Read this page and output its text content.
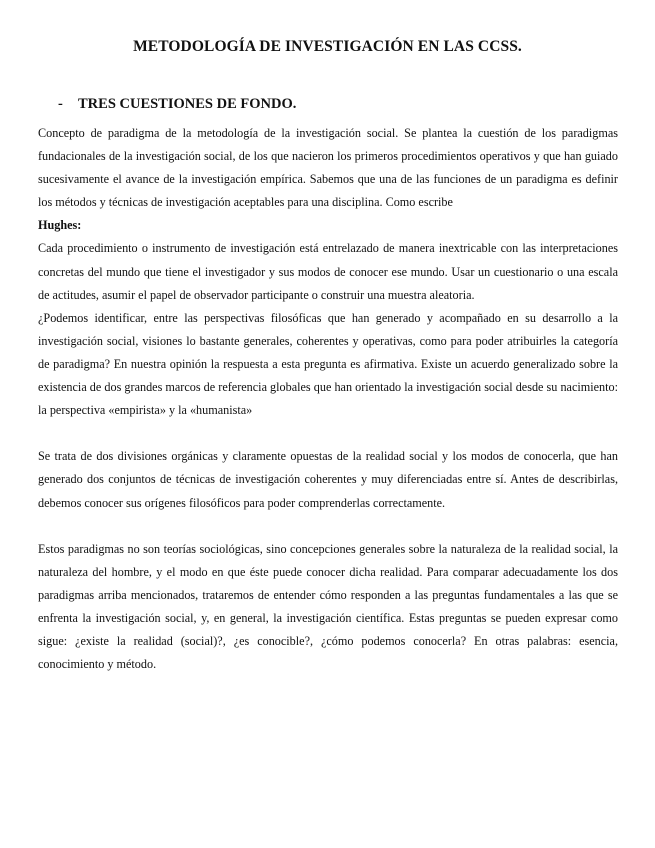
METODOLOGÍA DE INVESTIGACIÓN EN LAS CCSS.
- TRES CUESTIONES DE FONDO.

Concepto de paradigma de la metodología de la investigación social. Se plantea la cuestión de los paradigmas fundacionales de la investigación social, de los que nacieron los primeros procedimientos operativos y que han guiado sucesivamente el avance de la investigación empírica. Sabemos que una de las funciones de un paradigma es definir los métodos y técnicas de investigación aceptables para una disciplina. Como escribe

Hughes:

Cada procedimiento o instrumento de investigación está entrelazado de manera inextricable con las interpretaciones concretas del mundo que tiene el investigador y sus modos de conocer ese mundo. Usar un cuestionario o una escala de actitudes, asumir el papel de observador participante o construir una muestra aleatoria.

¿Podemos identificar, entre las perspectivas filosóficas que han generado y acompañado en su desarrollo a la investigación social, visiones lo bastante generales, coherentes y operativas, como para poder atribuirles la categoría de paradigma? En nuestra opinión la respuesta a esta pregunta es afirmativa. Existe un acuerdo generalizado sobre la existencia de dos grandes marcos de referencia globales que han orientado la investigación social desde su nacimiento: la perspectiva «empirista» y la «humanista»

Se trata de dos divisiones orgánicas y claramente opuestas de la realidad social y los modos de conocerla, que han generado dos conjuntos de técnicas de investigación coherentes y muy diferenciadas entre sí. Antes de describirlas, debemos conocer sus orígenes filosóficos para poder comprenderlas correctamente.

Estos paradigmas no son teorías sociológicas, sino concepciones generales sobre la naturaleza de la realidad social, la naturaleza del hombre, y el modo en que éste puede conocer dicha realidad. Para comparar adecuadamente los dos paradigmas arriba mencionados, trataremos de entender cómo responden a las preguntas fundamentales a las que se enfrenta la investigación social, y, en general, la investigación científica. Estas preguntas se pueden expresar como sigue: ¿existe la realidad (social)?, ¿es conocible?, ¿cómo podemos conocerla? En otras palabras: esencia, conocimiento y método.
